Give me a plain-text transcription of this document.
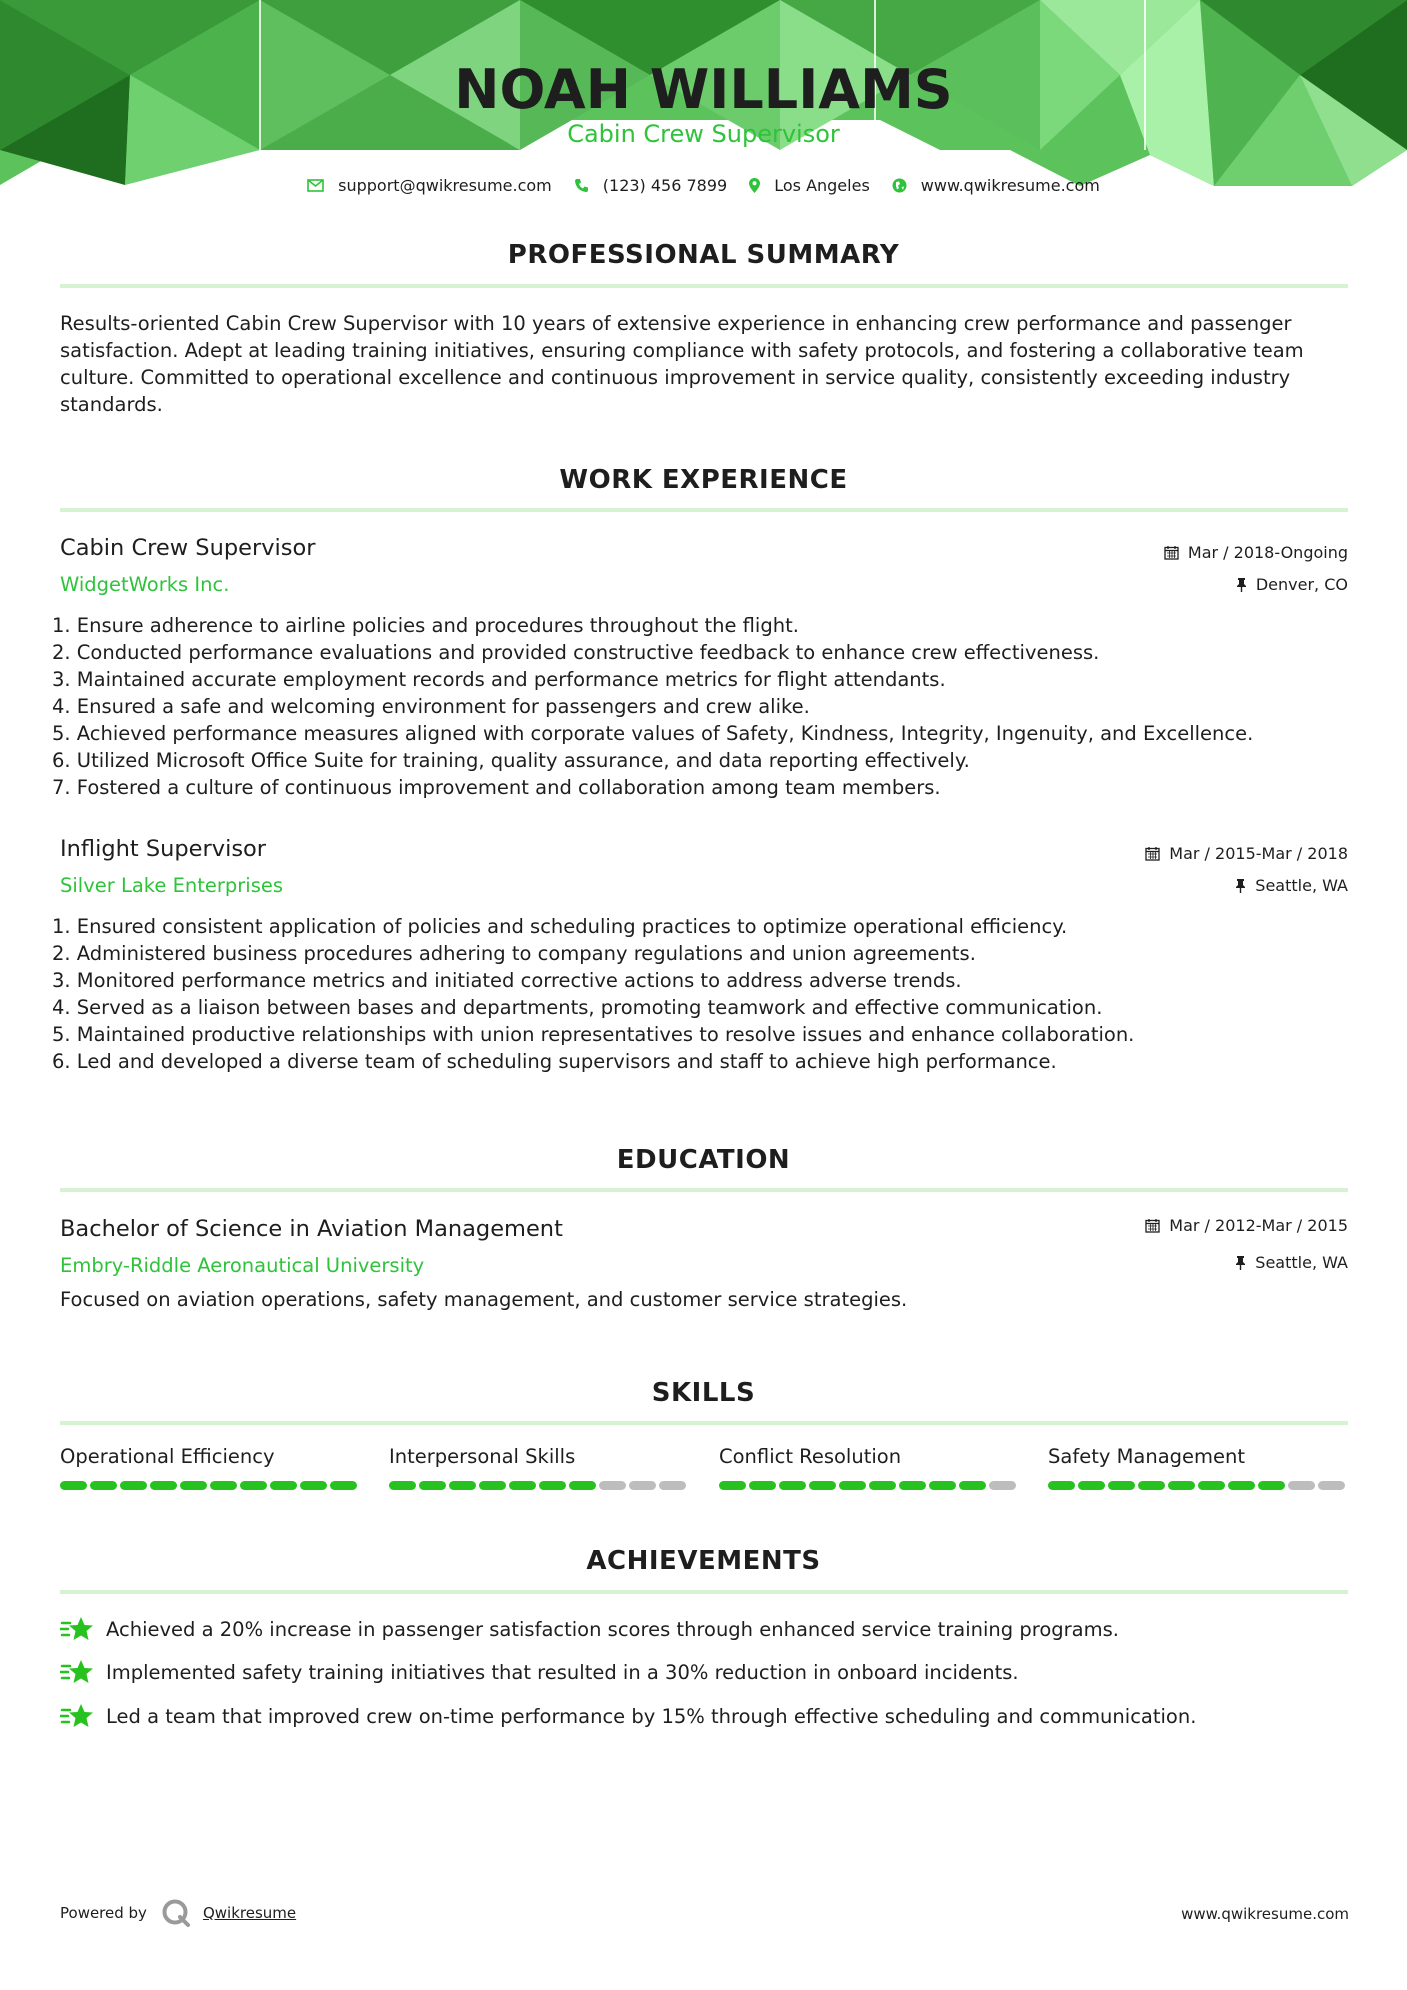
NOAH WILLIAMS
Cabin Crew Supervisor
support@qwikresume.com	(123) 456 7899	Los Angeles	www.qwikresume.com
PROFESSIONAL SUMMARY

Results-oriented Cabin Crew Supervisor with 10 years of extensive experience in enhancing crew performance and passenger satisfaction. Adept at leading training initiatives, ensuring compliance with safety protocols, and fostering a collaborative team culture. Committed to operational excellence and continuous improvement in service quality, consistently exceeding industry standards.

WORK EXPERIENCE
Cabin Crew Supervisor	Mar / 2018-Ongoing
WidgetWorks Inc.	Denver, CO
1. Ensure adherence to airline policies and procedures throughout the flight.
2. Conducted performance evaluations and provided constructive feedback to enhance crew effectiveness.
3. Maintained accurate employment records and performance metrics for flight attendants.
4. Ensured a safe and welcoming environment for passengers and crew alike.
5. Achieved performance measures aligned with corporate values of Safety, Kindness, Integrity, Ingenuity, and Excellence.
6. Utilized Microsoft Office Suite for training, quality assurance, and data reporting effectively.
7. Fostered a culture of continuous improvement and collaboration among team members.
Inflight Supervisor	Mar / 2015-Mar / 2018
Silver Lake Enterprises	Seattle, WA
1. Ensured consistent application of policies and scheduling practices to optimize operational efficiency.
2. Administered business procedures adhering to company regulations and union agreements.
3. Monitored performance metrics and initiated corrective actions to address adverse trends.
4. Served as a liaison between bases and departments, promoting teamwork and effective communication.
5. Maintained productive relationships with union representatives to resolve issues and enhance collaboration.
6. Led and developed a diverse team of scheduling supervisors and staff to achieve high performance.
EDUCATION
Bachelor of Science in Aviation Management	Mar / 2012-Mar / 2015
Embry-Riddle Aeronautical University	Seattle, WA
Focused on aviation operations, safety management, and customer service strategies.
SKILLS
Operational Efficiency	Interpersonal Skills	Conflict Resolution	Safety Management
ACHIEVEMENTS
Achieved a 20% increase in passenger satisfaction scores through enhanced service training programs.
Implemented safety training initiatives that resulted in a 30% reduction in onboard incidents.
Led a team that improved crew on-time performance by 15% through effective scheduling and communication.
Powered by	Qwikresume	www.qwikresume.com
